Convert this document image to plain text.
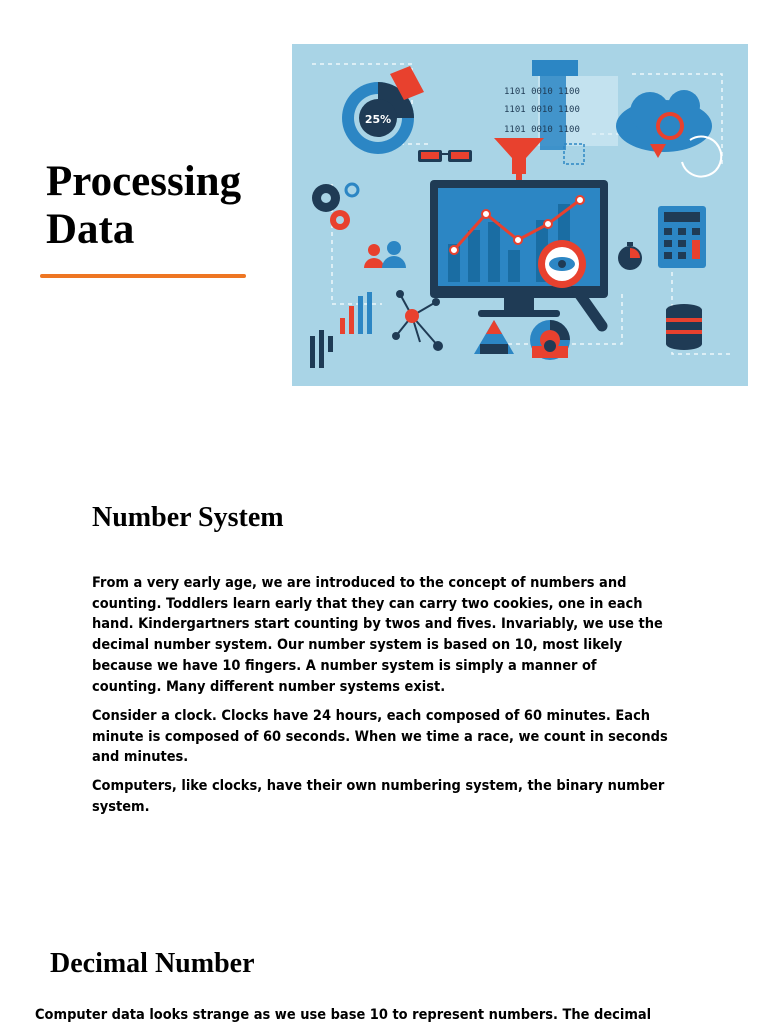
Processing Data
25%
1101 0010 1100
1101 0010 1100
1101 0010 1100
Number System

From a very early age, we are introduced to the concept of numbers and counting. Toddlers learn early that they can carry two cookies, one in each hand. Kindergartners start counting by twos and fives. Invariably, we use the decimal number system. Our number system is based on 10, most likely because we have 10 fingers. A number system is simply a manner of counting. Many different number systems exist.

Consider a clock. Clocks have 24 hours, each composed of 60 minutes. Each minute is composed of 60 seconds. When we time a race, we count in seconds and minutes.

Computers, like clocks, have their own numbering system, the binary number system.

Decimal Number

Computer data looks strange as we use base 10 to represent numbers. The decimal
